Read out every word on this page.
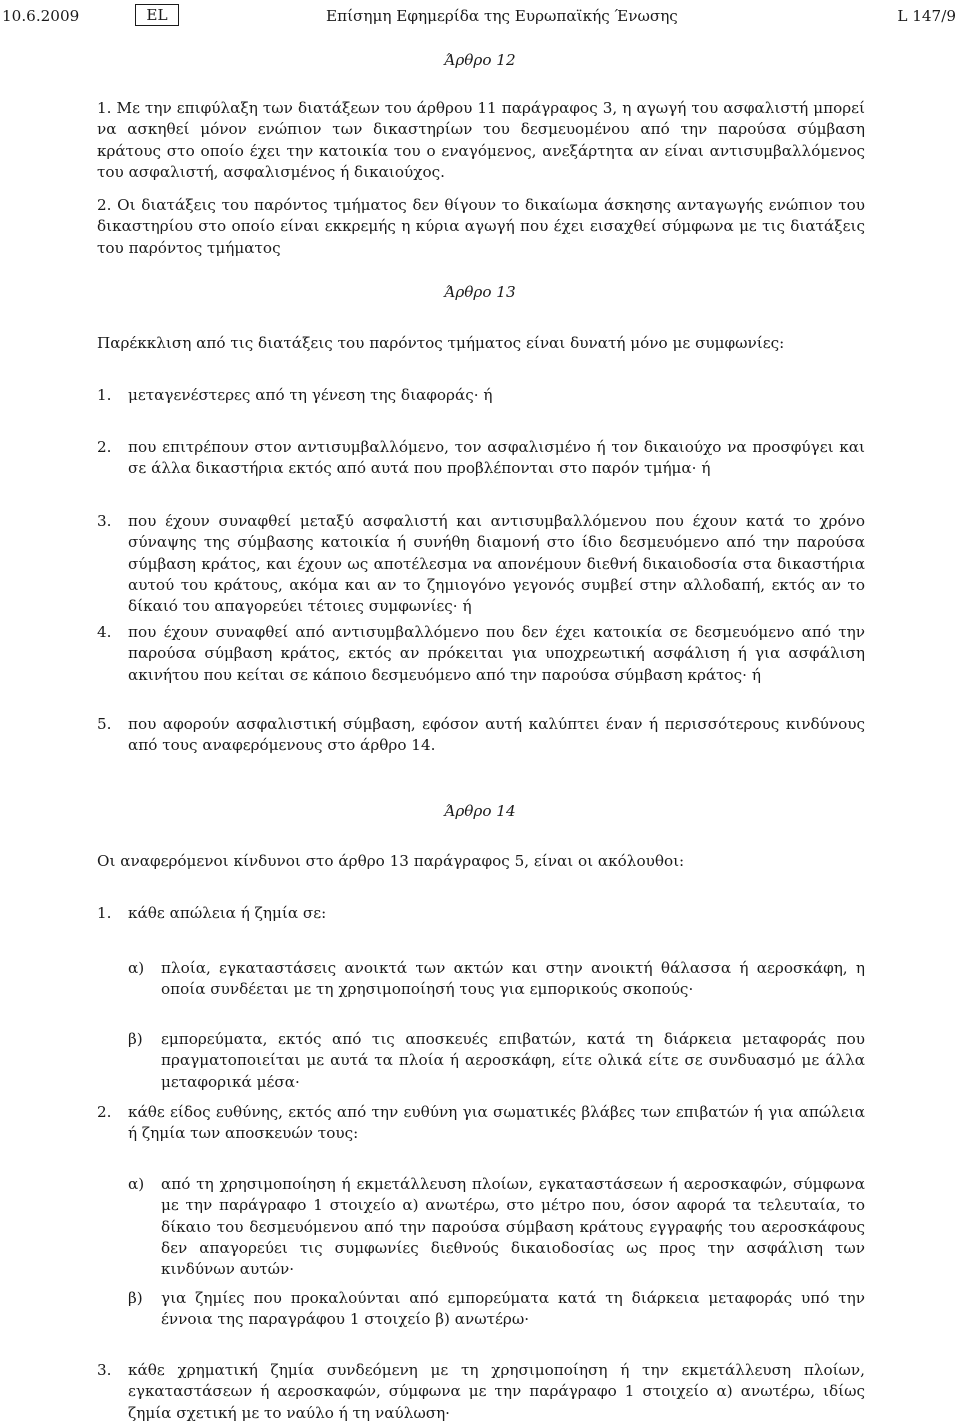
10.6.2009	EL	Επίσημη Εφημερίδα της Ευρωπαϊκής Ένωσης	L 147/9
Άρθρο 12
1. Με την επιφύλαξη των διατάξεων του άρθρου 11 παράγραφος 3, η αγωγή του ασφαλιστή μπορεί να ασκηθεί μόνον ενώπιον των δικαστηρίων του δεσμευομένου από την παρούσα σύμβαση κράτους στο οποίο έχει την κατοικία του ο εναγόμενος, ανεξάρτητα αν είναι αντισυμβαλλόμενος του ασφαλιστή, ασφαλισμένος ή δικαιούχος.
2. Οι διατάξεις του παρόντος τμήματος δεν θίγουν το δικαίωμα άσκησης ανταγωγής ενώπιον του δικαστηρίου στο οποίο είναι εκκρεμής η κύρια αγωγή που έχει εισαχθεί σύμφωνα με τις διατάξεις του παρόντος τμήματος
Άρθρο 13
Παρέκκλιση από τις διατάξεις του παρόντος τμήματος είναι δυνατή μόνο με συμφωνίες:
1. μεταγενέστερες από τη γένεση της διαφοράς· ή
2. που επιτρέπουν στον αντισυμβαλλόμενο, τον ασφαλισμένο ή τον δικαιούχο να προσφύγει και σε άλλα δικαστήρια εκτός από αυτά που προβλέπονται στο παρόν τμήμα· ή
3. που έχουν συναφθεί μεταξύ ασφαλιστή και αντισυμβαλλόμενου που έχουν κατά το χρόνο σύναψης της σύμβασης κατοικία ή συνήθη διαμονή στο ίδιο δεσμευόμενο από την παρούσα σύμβαση κράτος, και έχουν ως αποτέλεσμα να απονέμουν διεθνή δικαιοδοσία στα δικαστήρια αυτού του κράτους, ακόμα και αν το ζημιογόνο γεγονός συμβεί στην αλλοδαπή, εκτός αν το δίκαιό του απαγορεύει τέτοιες συμφωνίες· ή
4. που έχουν συναφθεί από αντισυμβαλλόμενο που δεν έχει κατοικία σε δεσμευόμενο από την παρούσα σύμβαση κράτος, εκτός αν πρόκειται για υποχρεωτική ασφάλιση ή για ασφάλιση ακινήτου που κείται σε κάποιο δεσμευόμενο από την παρούσα σύμβαση κράτος· ή
5. που αφορούν ασφαλιστική σύμβαση, εφόσον αυτή καλύπτει έναν ή περισσότερους κινδύνους από τους αναφερόμενους στο άρθρο 14.
Άρθρο 14
Οι αναφερόμενοι κίνδυνοι στο άρθρο 13 παράγραφος 5, είναι οι ακόλουθοι:
1. κάθε απώλεια ή ζημία σε:
α) πλοία, εγκαταστάσεις ανοικτά των ακτών και στην ανοικτή θάλασσα ή αεροσκάφη, η οποία συνδέεται με τη χρησιμοποίησή τους για εμπορικούς σκοπούς·
β) εμπορεύματα, εκτός από τις αποσκευές επιβατών, κατά τη διάρκεια μεταφοράς που πραγματοποιείται με αυτά τα πλοία ή αεροσκάφη, είτε ολικά είτε σε συνδυασμό με άλλα μεταφορικά μέσα·
2. κάθε είδος ευθύνης, εκτός από την ευθύνη για σωματικές βλάβες των επιβατών ή για απώλεια ή ζημία των αποσκευών τους:
α) από τη χρησιμοποίηση ή εκμετάλλευση πλοίων, εγκαταστάσεων ή αεροσκαφών, σύμφωνα με την παράγραφο 1 στοιχείο α) ανωτέρω, στο μέτρο που, όσον αφορά τα τελευταία, το δίκαιο του δεσμευόμενου από την παρούσα σύμβαση κράτους εγγραφής του αεροσκάφους δεν απαγορεύει τις συμφωνίες διεθνούς δικαιοδοσίας ως προς την ασφάλιση των κινδύνων αυτών·
β) για ζημίες που προκαλούνται από εμπορεύματα κατά τη διάρκεια μεταφοράς υπό την έννοια της παραγράφου 1 στοιχείο β) ανωτέρω·
3. κάθε χρηματική ζημία συνδεόμενη με τη χρησιμοποίηση ή την εκμετάλλευση πλοίων, εγκαταστάσεων ή αεροσκαφών, σύμφωνα με την παράγραφο 1 στοιχείο α) ανωτέρω, ιδίως ζημία σχετική με το ναύλο ή τη ναύλωση·
